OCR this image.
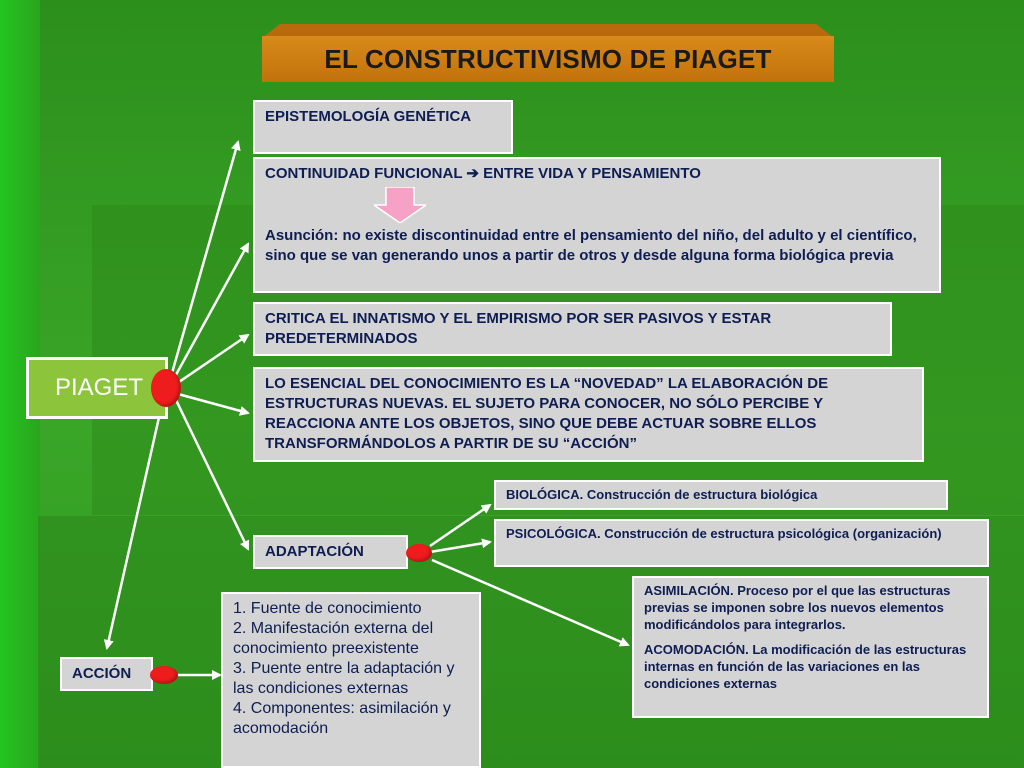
EL CONSTRUCTIVISMO DE PIAGET
PIAGET
EPISTEMOLOGÍA GENÉTICA
CONTINUIDAD FUNCIONAL ➔ ENTRE VIDA Y PENSAMIENTO
Asunción: no existe discontinuidad entre el pensamiento del niño, del adulto y el científico, sino que se van generando unos a partir de otros y desde alguna forma biológica previa
CRITICA EL INNATISMO Y EL EMPIRISMO POR SER PASIVOS Y ESTAR PREDETERMINADOS
LO ESENCIAL DEL CONOCIMIENTO ES LA “NOVEDAD” LA ELABORACIÓN DE ESTRUCTURAS NUEVAS. EL SUJETO PARA CONOCER, NO SÓLO PERCIBE Y REACCIONA ANTE LOS OBJETOS, SINO QUE DEBE ACTUAR SOBRE ELLOS TRANSFORMÁNDOLOS A PARTIR DE SU “ACCIÓN”
ADAPTACIÓN
BIOLÓGICA. Construcción de estructura biológica
PSICOLÓGICA. Construcción de estructura psicológica (organización)
ASIMILACIÓN. Proceso por el que las estructuras previas se imponen sobre los nuevos elementos modificándolos para integrarlos.
ACOMODACIÓN. La modificación de las estructuras internas en función de las variaciones en las condiciones externas
ACCIÓN
1. Fuente de conocimiento
2. Manifestación externa del conocimiento preexistente
3. Puente entre la adaptación y las condiciones externas
4. Componentes: asimilación y acomodación
